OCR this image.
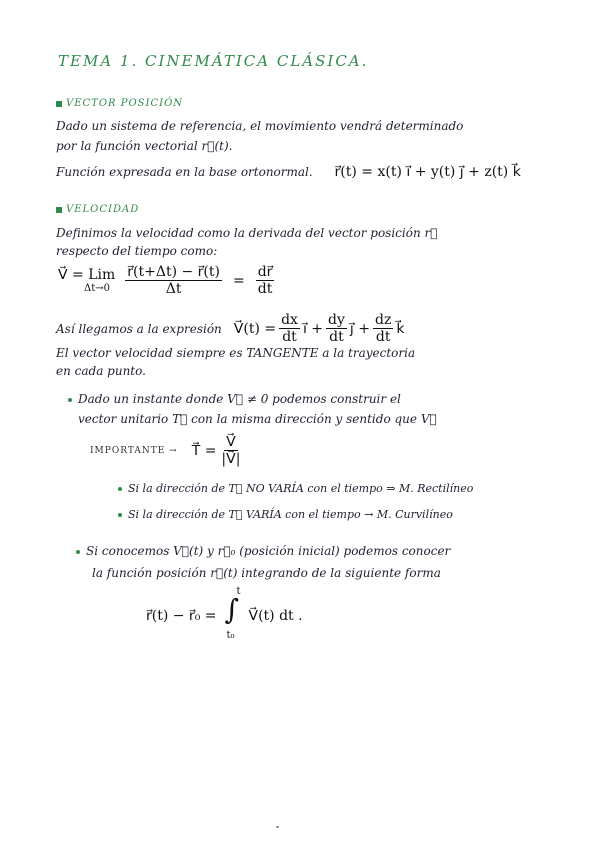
TEMA 1. CINEMÁTICA CLÁSICA.
VECTOR POSICIÓN
Dado un sistema de referencia, el movimiento vendrá determinado
por la función vectorial r⃗(t).
Función expresada en la base ortonormal. r⃗(t) = x(t) i⃗ + y(t) j⃗ + z(t) k⃗
VELOCIDAD
Definimos la velocidad como la derivada del vector posición r⃗
respecto del tiempo como:
V⃗ = Lim
$\Delta t\to 0 \frac{r⃗(t+\Delta t) - r⃗(t)}{\Delta t} = \frac{dr⃗}{dt}$
Así llegamos a la expresión V⃗(t) = $\frac{dx}{dt}$ i⃗ + $\frac{dy}{dt}$ j⃗ + $\frac{dz}{dt}$ k⃗
El vector velocidad siempre es TANGENTE a la trayectoria
en cada punto.
Dado un instante donde V⃗ ≠ 0 podemos construir el
vector unitario T⃗ con la misma dirección y sentido que V⃗
IMPORTANTE → T⃗ = $\frac{V⃗}{|V⃗|}$
Si la dirección de T⃗ NO VARÍA con el tiempo ⇒ M. Rectilíneo
Si la dirección de T⃗ VARÍA con el tiempo → M. Curvilíneo
Si conocemos V⃗(t) y r⃗₀ (posición inicial) podemos conocer
la función posición r⃗(t) integrando de la siguiente forma
r⃗(t) − r⃗₀ =
t
∫
t₀
V⃗(t) dt .
